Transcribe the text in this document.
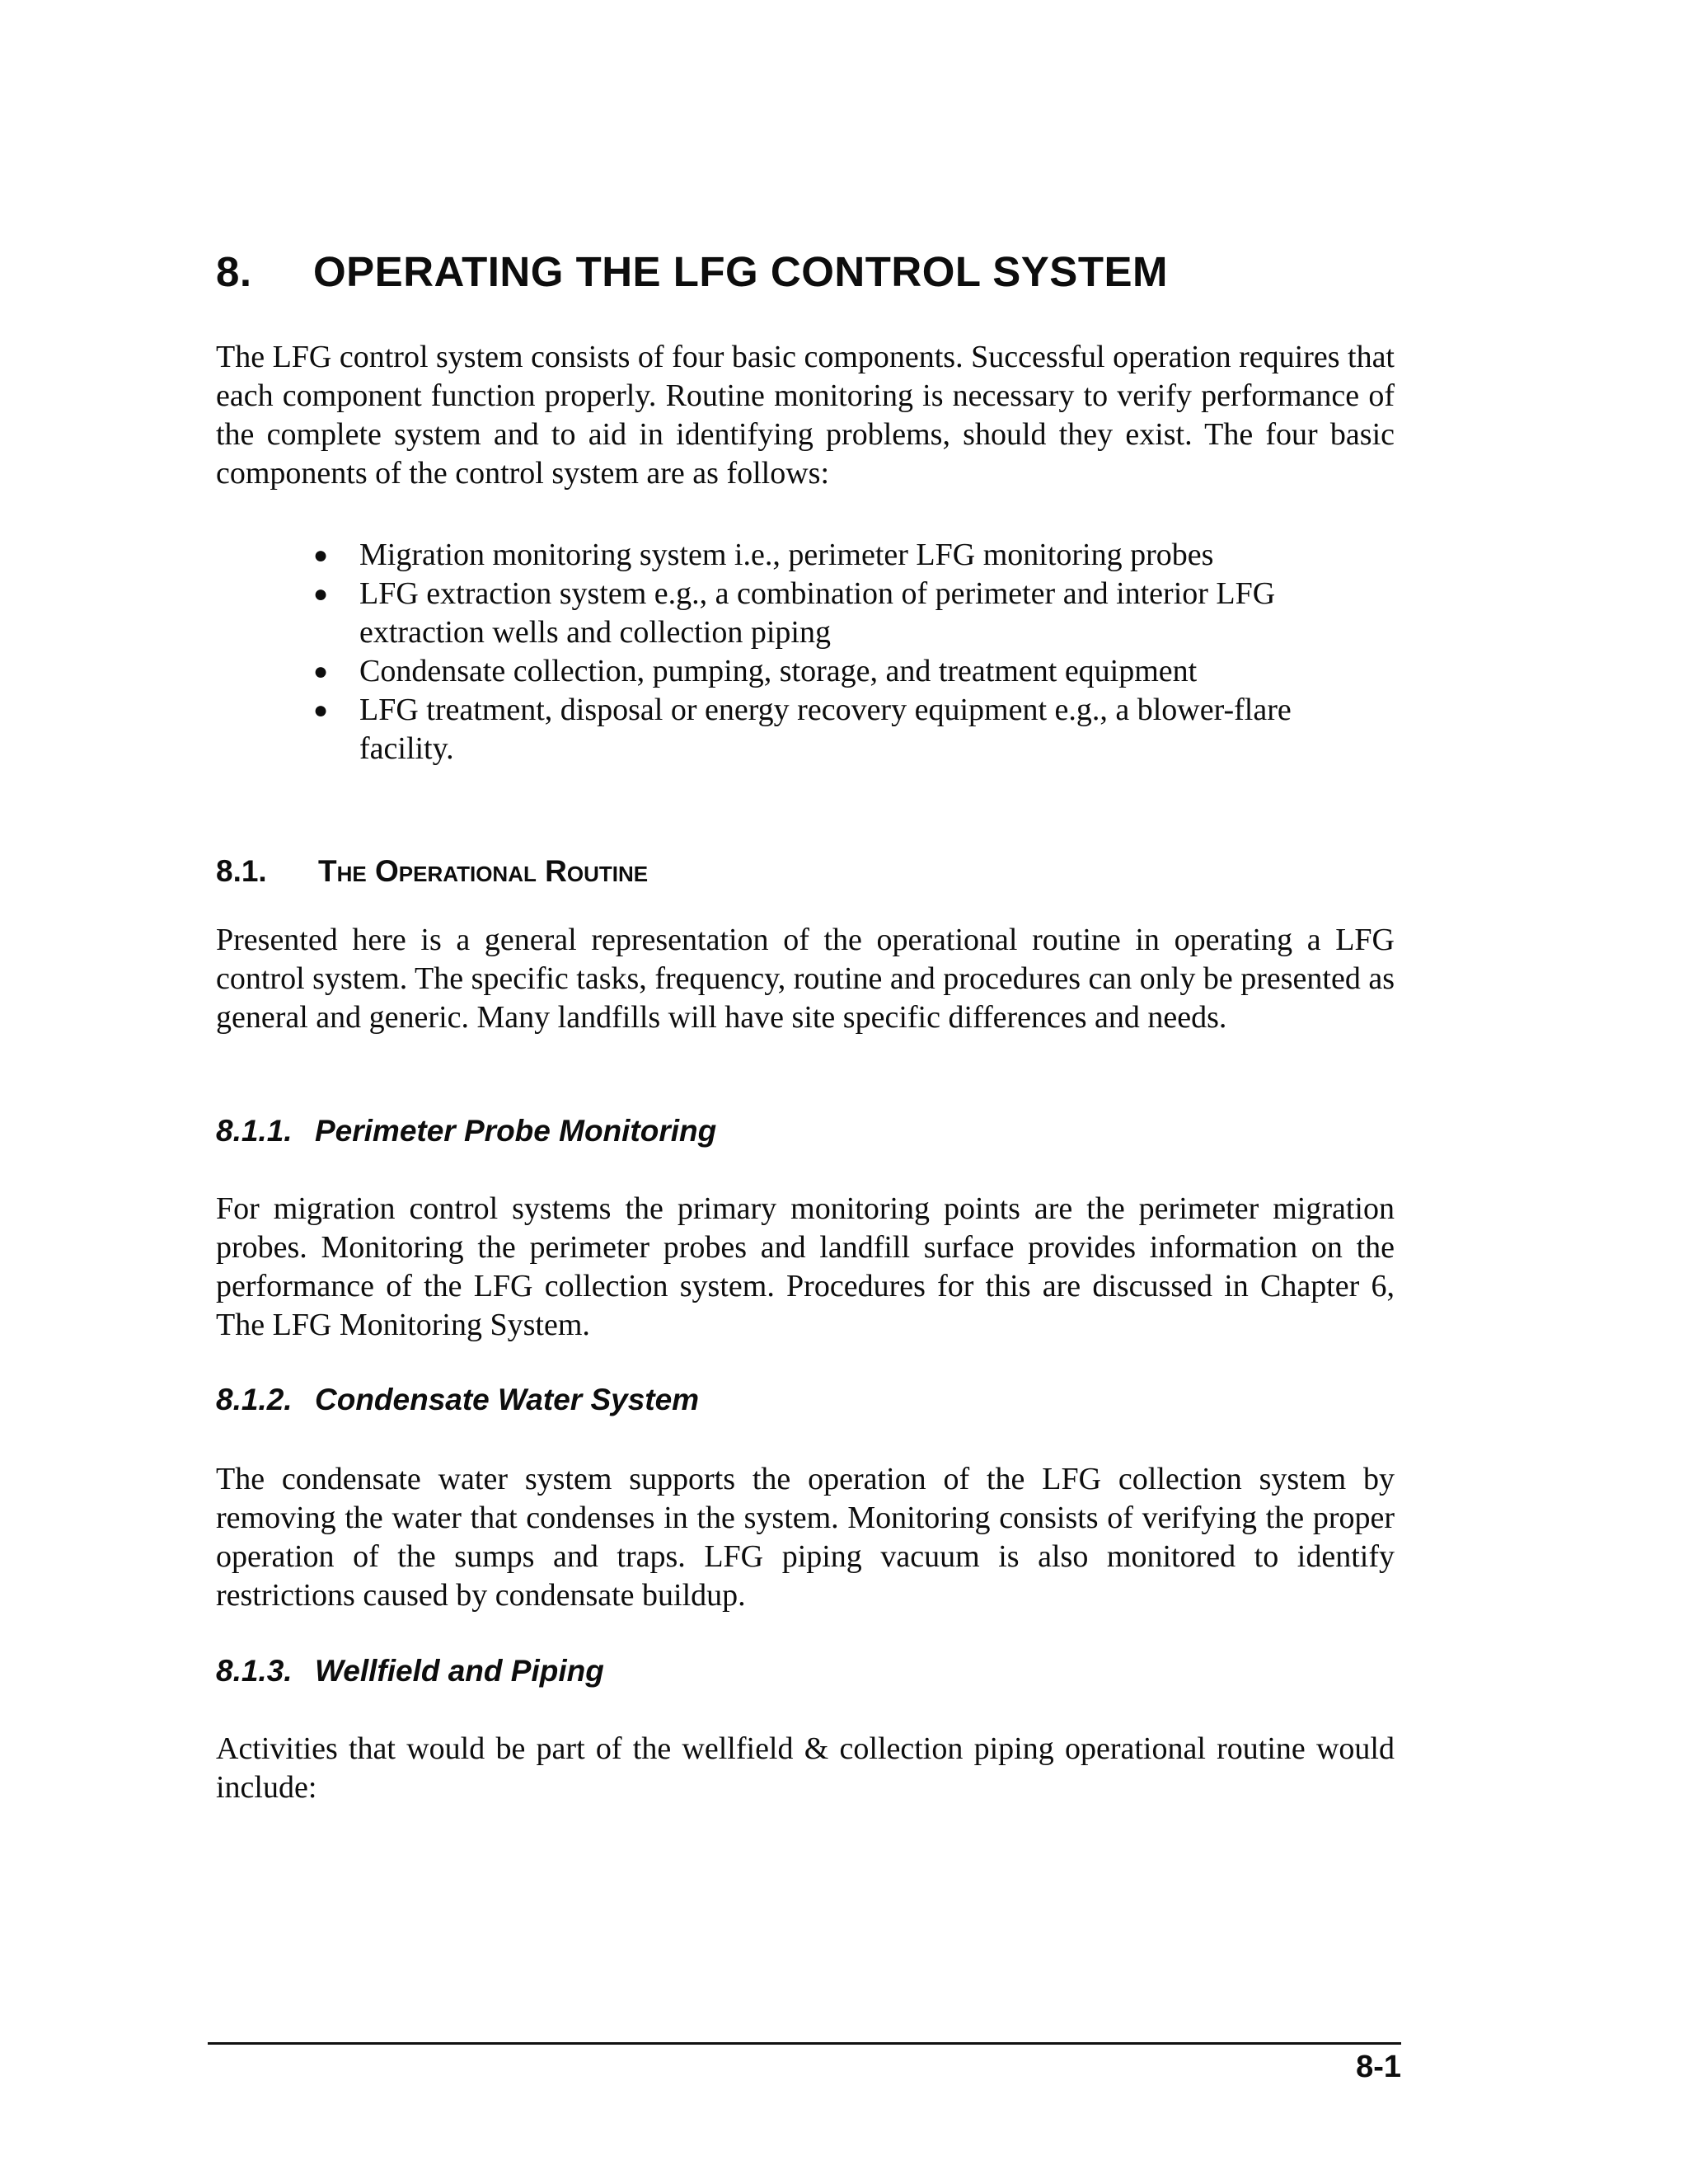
8. OPERATING THE LFG CONTROL SYSTEM

The LFG control system consists of four basic components. Successful operation requires that each component function properly. Routine monitoring is necessary to verify performance of the complete system and to aid in identifying problems, should they exist. The four basic components of the control system are as follows:

● Migration monitoring system i.e., perimeter LFG monitoring probes
● LFG extraction system e.g., a combination of perimeter and interior LFG extraction wells and collection piping
● Condensate collection, pumping, storage, and treatment equipment
● LFG treatment, disposal or energy recovery equipment e.g., a blower-flare facility.
8.1. The Operational Routine

Presented here is a general representation of the operational routine in operating a LFG control system. The specific tasks, frequency, routine and procedures can only be presented as general and generic. Many landfills will have site specific differences and needs.

8.1.1. Perimeter Probe Monitoring

For migration control systems the primary monitoring points are the perimeter migration probes. Monitoring the perimeter probes and landfill surface provides information on the performance of the LFG collection system. Procedures for this are discussed in Chapter 6, The LFG Monitoring System.

8.1.2. Condensate Water System

The condensate water system supports the operation of the LFG collection system by removing the water that condenses in the system. Monitoring consists of verifying the proper operation of the sumps and traps. LFG piping vacuum is also monitored to identify restrictions caused by condensate buildup.

8.1.3. Wellfield and Piping

Activities that would be part of the wellfield & collection piping operational routine would include:

8-1
